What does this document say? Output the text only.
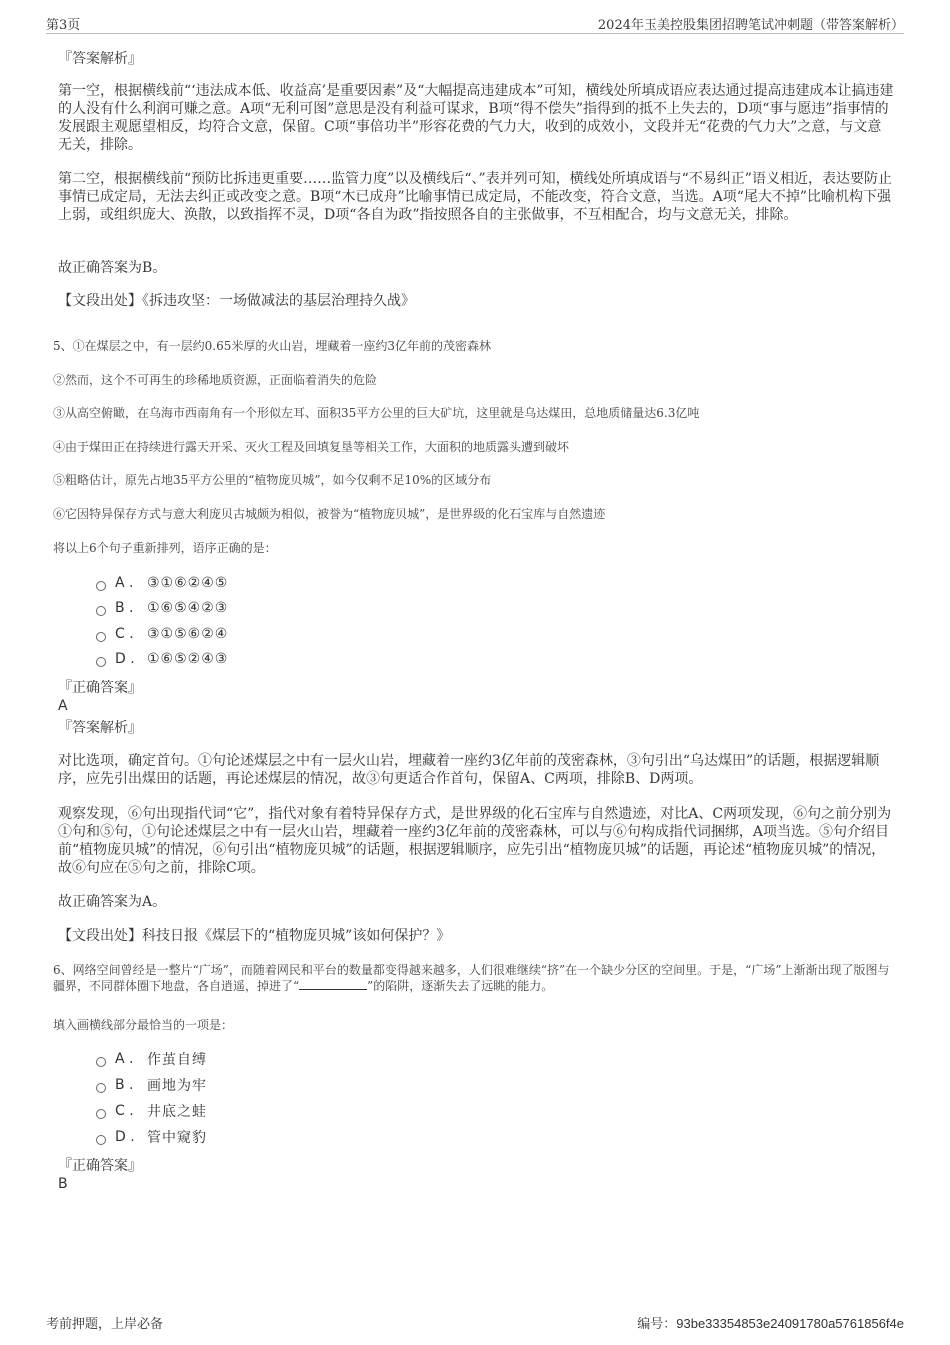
第3页	2024年玉美控股集团招聘笔试冲刺题（带答案解析）
『答案解析』
第一空，根据横线前“‘违法成本低、收益高’是重要因素”及“大幅提高违建成本”可知，横线处所填成语应表达通过提高违建成本让搞违建的人没有什么利润可赚之意。A项“无利可图”意思是没有利益可谋求，B项“得不偿失”指得到的抵不上失去的，D项“事与愿违”指事情的发展跟主观愿望相反，均符合文意，保留。C项“事倍功半”形容花费的气力大，收到的成效小，文段并无“花费的气力大”之意，与文意无关，排除。
第二空，根据横线前“预防比拆违更重要……监管力度”以及横线后“、”表并列可知，横线处所填成语与“不易纠正”语义相近，表达要防止事情已成定局，无法去纠正或改变之意。B项“木已成舟”比喻事情已成定局，不能改变，符合文意，当选。A项“尾大不掉”比喻机构下强上弱，或组织庞大、涣散，以致指挥不灵，D项“各自为政”指按照各自的主张做事，不互相配合，均与文意无关，排除。
故正确答案为B。
【文段出处】《拆违攻坚：一场做减法的基层治理持久战》
5、①在煤层之中，有一层约0.65米厚的火山岩，埋藏着一座约3亿年前的茂密森林
②然而，这个不可再生的珍稀地质资源，正面临着消失的危险
③从高空俯瞰，在乌海市西南角有一个形似左耳、面积35平方公里的巨大矿坑，这里就是乌达煤田，总地质储量达6.3亿吨
④由于煤田正在持续进行露天开采、灭火工程及回填复垦等相关工作，大面积的地质露头遭到破坏
⑤粗略估计，原先占地35平方公里的“植物庞贝城”，如今仅剩不足10%的区域分布
⑥它因特异保存方式与意大利庞贝古城颇为相似，被誉为“植物庞贝城”，是世界级的化石宝库与自然遗迹
将以上6个句子重新排列，语序正确的是：
A . ③①⑥②④⑤
B . ①⑥⑤④②③
C . ③①⑤⑥②④
D . ①⑥⑤②④③
『正确答案』
A
『答案解析』
对比选项，确定首句。①句论述煤层之中有一层火山岩，埋藏着一座约3亿年前的茂密森林，③句引出“乌达煤田”的话题，根据逻辑顺序，应先引出煤田的话题，再论述煤层的情况，故③句更适合作首句，保留A、C两项，排除B、D两项。
观察发现，⑥句出现指代词“它”，指代对象有着特异保存方式，是世界级的化石宝库与自然遗迹，对比A、C两项发现，⑥句之前分别为①句和⑤句，①句论述煤层之中有一层火山岩，埋藏着一座约3亿年前的茂密森林，可以与⑥句构成指代词捆绑，A项当选。⑤句介绍目前“植物庞贝城”的情况，⑥句引出“植物庞贝城”的话题，根据逻辑顺序，应先引出“植物庞贝城”的话题，再论述“植物庞贝城”的情况，故⑥句应在⑤句之前，排除C项。
故正确答案为A。
【文段出处】科技日报《煤层下的“植物庞贝城”该如何保护？》
6、网络空间曾经是一整片“广场”，而随着网民和平台的数量都变得越来越多，人们很难继续“挤”在一个缺少分区的空间里。于是，“广场”上渐渐出现了版图与疆界，不同群体圈下地盘，各自逍遥，掉进了“	”的陷阱，逐渐失去了远眺的能力。
填入画横线部分最恰当的一项是：
A . 作茧自缚
B . 画地为牢
C . 井底之蛙
D . 管中窥豹
『正确答案』
B
考前押题，上岸必备	编号：93be33354853e24091780a5761856f4e
